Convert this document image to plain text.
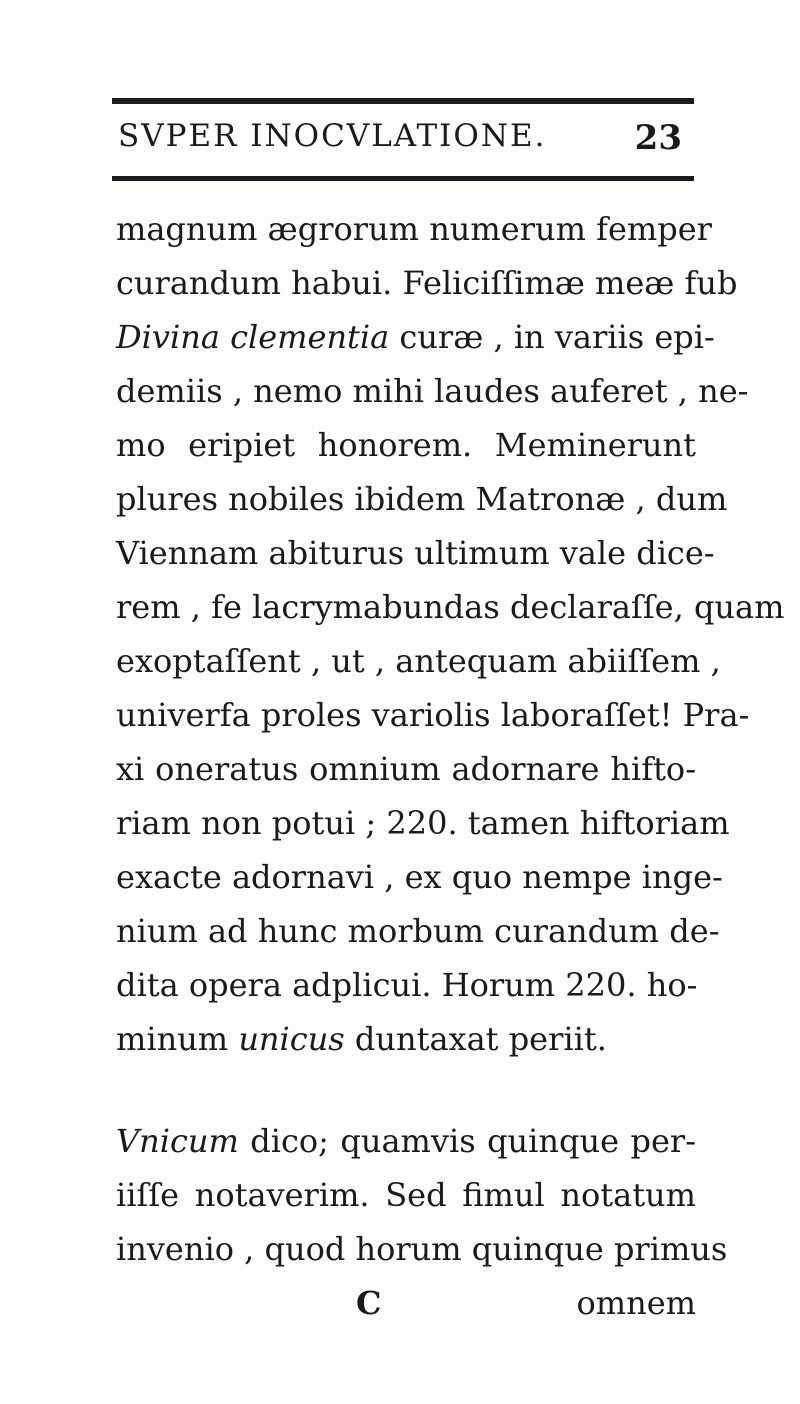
SVPER INOCVLATIONE.	23
magnum ægrorum numerum femper
curandum habui. Feliciſſimæ meæ fub
Divina clementia curæ , in variis epi-
demiis , nemo mihi laudes auferet , ne-
mo eripiet honorem. Meminerunt
plures nobiles ibidem Matronæ , dum
Viennam abiturus ultimum vale dice-
rem , fe lacrymabundas declaraſſe, quam
exoptaſſent , ut , antequam abiiſſem ,
univerfa proles variolis laboraſſet! Pra-
xi oneratus omnium adornare hifto-
riam non potui ; 220. tamen hiftoriam
exacte adornavi , ex quo nempe inge-
nium ad hunc morbum curandum de-
dita opera adplicui. Horum 220. ho-
minum unicus duntaxat periit.
Vnicum dico; quamvis quinque per-
iiſſe notaverim. Sed fimul notatum
invenio , quod horum quinque primus
C	omnem
